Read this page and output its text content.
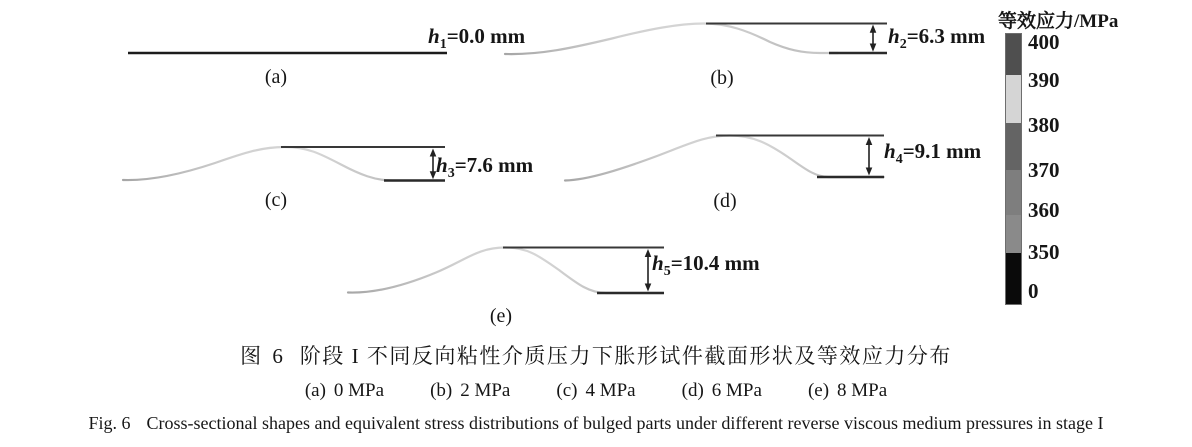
$h_1=0.0$ mm	$h_2=6.3$ mm
$h_3=7.6$ mm
$h_4=9.1$ mm
$h_5=10.4$ mm
(a)	(b)
(c)	(d)
(e)
等效应力/MPa
400
390
380
370
360
350
0
图 6 阶段 I 不同反向粘性介质压力下胀形试件截面形状及等效应力分布
(a) 0 MPa (b) 2 MPa (c) 4 MPa (d) 6 MPa (e) 8 MPa
Fig. 6 Cross-sectional shapes and equivalent stress distributions of bulged parts under different reverse viscous medium pressures in stage I
